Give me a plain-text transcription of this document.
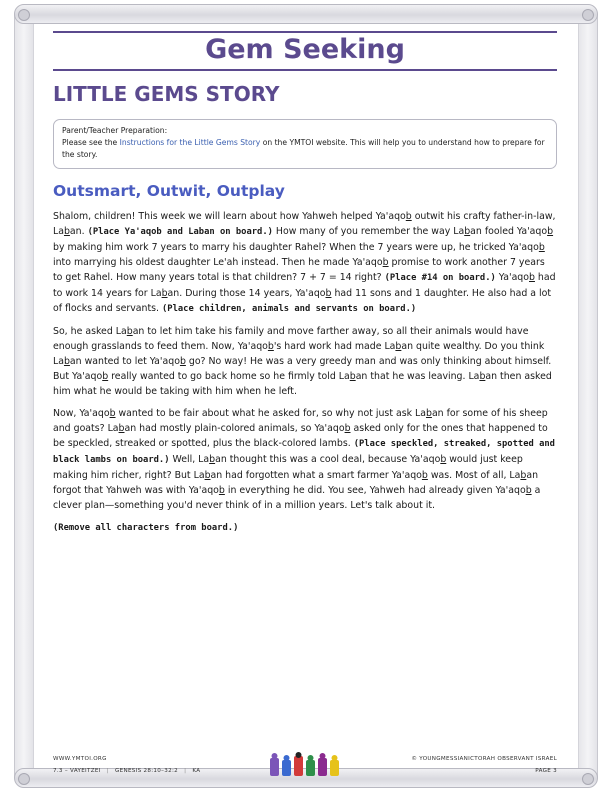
Gem Seeking
LITTLE GEMS STORY
Parent/Teacher Preparation:
Please see the Instructions for the Little Gems Story on the YMTOI website. This will help you to understand how to prepare for the story.
Outsmart, Outwit, Outplay

Shalom, children! This week we will learn about how Yahweh helped Ya'aqob outwit his crafty father-in-law, Laban. (Place Ya'aqob and Laban on board.) How many of you remember the way Laban fooled Ya'aqob by making him work 7 years to marry his daughter Rahel? When the 7 years were up, he tricked Ya'aqob into marrying his oldest daughter Le'ah instead. Then he made Ya'aqob promise to work another 7 years to get Rahel. How many years total is that children? 7 + 7 = 14 right? (Place #14 on board.) Ya'aqob had to work 14 years for Laban. During those 14 years, Ya'aqob had 11 sons and 1 daughter. He also had a lot of flocks and servants. (Place children, animals and servants on board.)

So, he asked Laban to let him take his family and move farther away, so all their animals would have enough grasslands to feed them. Now, Ya'aqob's hard work had made Laban quite wealthy. Do you think Laban wanted to let Ya'aqob go? No way! He was a very greedy man and was only thinking about himself. But Ya'aqob really wanted to go back home so he firmly told Laban that he was leaving. Laban then asked him what he would be taking with him when he left.

Now, Ya'aqob wanted to be fair about what he asked for, so why not just ask Laban for some of his sheep and goats? Laban had mostly plain-colored animals, so Ya'aqob asked only for the ones that happened to be speckled, streaked or spotted, plus the black-colored lambs. (Place speckled, streaked, spotted and black lambs on board.) Well, Laban thought this was a cool deal, because Ya'aqob would just keep making him richer, right? But Laban had forgotten what a smart farmer Ya'aqob was. Most of all, Laban forgot that Yahweh was with Ya'aqob in everything he did. You see, Yahweh had already given Ya'aqob a clever plan—something you'd never think of in a million years. Let's talk about it.

(Remove all characters from board.)

WWW.YMTOI.ORG	© YOUNGMESSIANICTORAH OBSERVANT ISRAEL
7.3 – VAYEITZEI | GENESIS 28:10–32:2 | KA	PAGE 3
